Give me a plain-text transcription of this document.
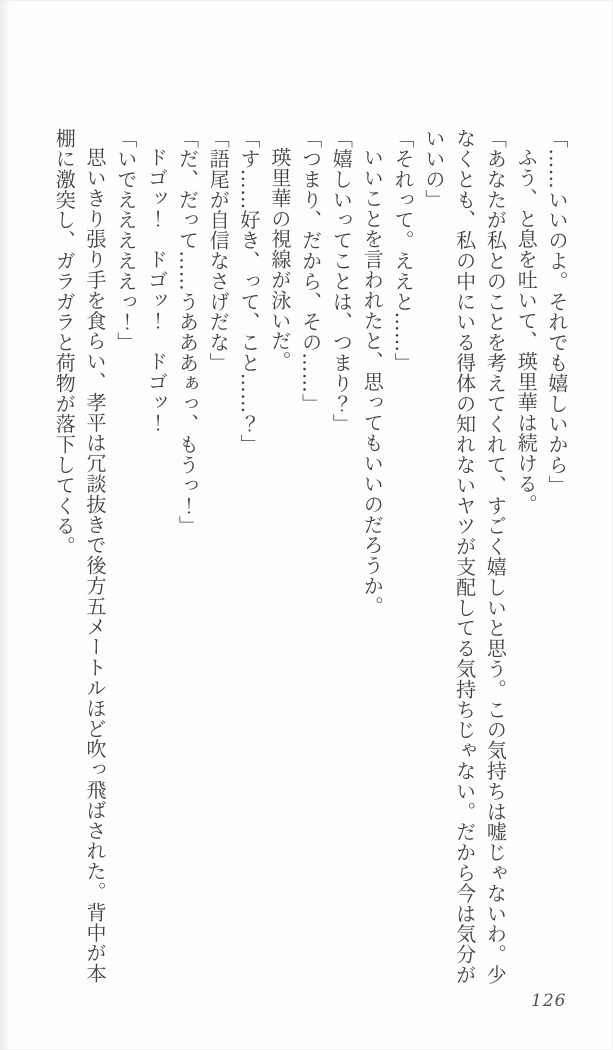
「……いいのよ。それでも嬉しいから」

ふう、と息を吐いて、瑛里華は続ける。

「あなたが私とのことを考えてくれて、すごく嬉しいと思う。この気持ちは嘘じゃないわ。少

なくとも、私の中にいる得体の知れないヤツが支配してる気持ちじゃない。だから今は気分が

いいの」

「それって。ええと……」

いいことを言われたと、思ってもいいのだろうか。

「嬉しいってことは、つまり？」

「つまり、だから、その……」

瑛里華の視線が泳いだ。

「す……好き、って、こと……？」

「語尾が自信なさげだな」

「だ、だって……うあああぁっ、もうっ！」

ドゴッ！　ドゴッ！　ドゴッ！

「いでえええええっ！」

思いきり張り手を食らい、孝平は冗談抜きで後方五メートルほど吹っ飛ばされた。背中が本

棚に激突し、ガラガラと荷物が落下してくる。

126
